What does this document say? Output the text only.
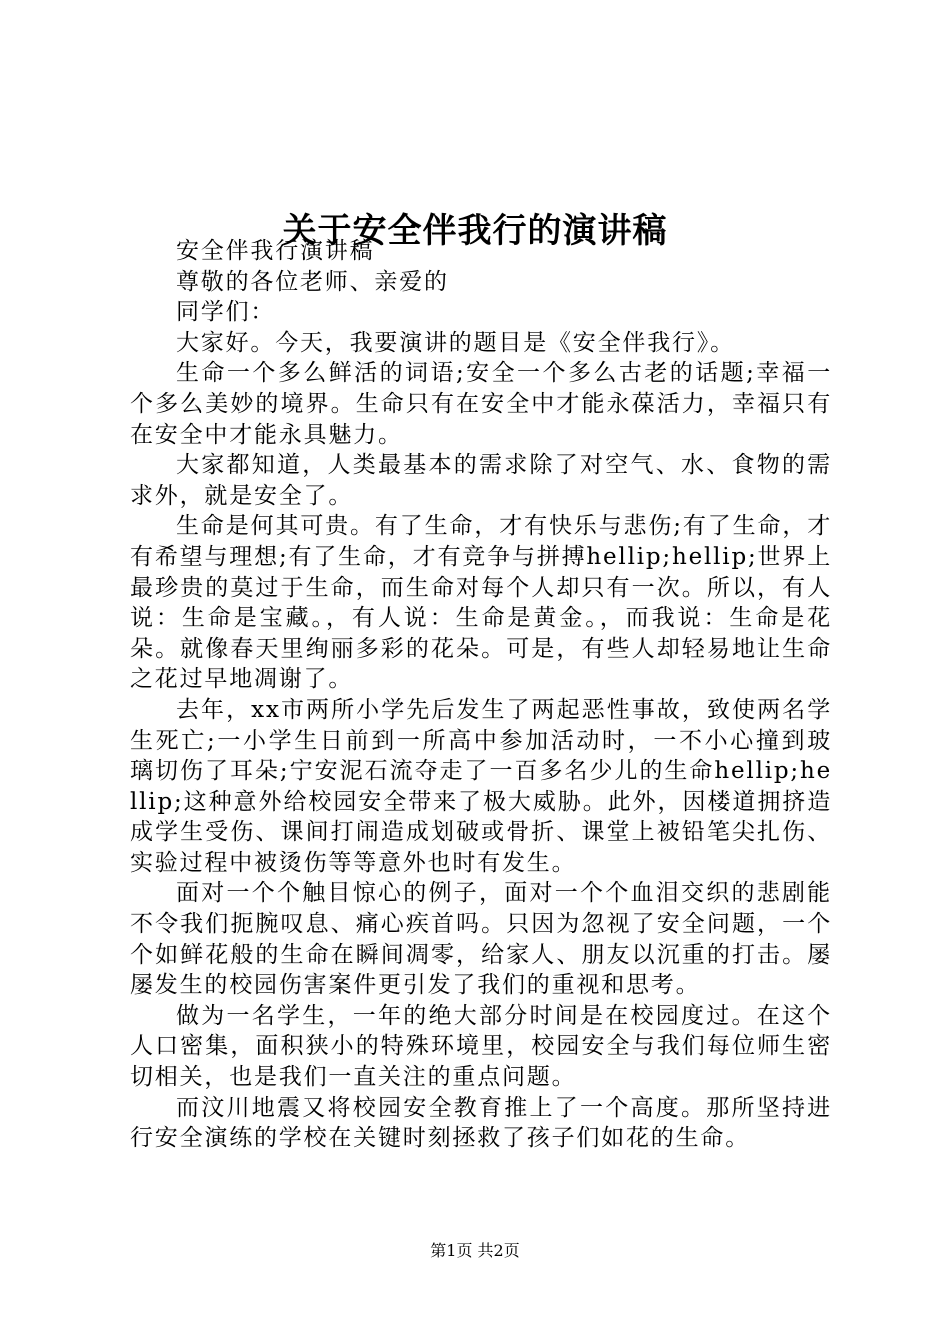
关于安全伴我行的演讲稿

安全伴我行演讲稿

尊敬的各位老师、亲爱的

同学们：

大家好。今天，我要演讲的题目是《安全伴我行》。

生命一个多么鲜活的词语;安全一个多么古老的话题;幸福一个多么美妙的境界。生命只有在安全中才能永葆活力，幸福只有在安全中才能永具魅力。

大家都知道，人类最基本的需求除了对空气、水、食物的需求外，就是安全了。

生命是何其可贵。有了生命，才有快乐与悲伤;有了生命，才有希望与理想;有了生命，才有竞争与拼搏hellip;hellip;世界上最珍贵的莫过于生命，而生命对每个人却只有一次。所以，有人说：生命是宝藏。，有人说：生命是黄金。，而我说：生命是花朵。就像春天里绚丽多彩的花朵。可是，有些人却轻易地让生命之花过早地凋谢了。

去年，xx市两所小学先后发生了两起恶性事故，致使两名学生死亡;一小学生日前到一所高中参加活动时，一不小心撞到玻璃切伤了耳朵;宁安泥石流夺走了一百多名少儿的生命hellip;hellip;这种意外给校园安全带来了极大威胁。此外，因楼道拥挤造成学生受伤、课间打闹造成划破或骨折、课堂上被铅笔尖扎伤、实验过程中被烫伤等等意外也时有发生。

面对一个个触目惊心的例子，面对一个个血泪交织的悲剧能不令我们扼腕叹息、痛心疾首吗。只因为忽视了安全问题，一个个如鲜花般的生命在瞬间凋零，给家人、朋友以沉重的打击。屡屡发生的校园伤害案件更引发了我们的重视和思考。

做为一名学生，一年的绝大部分时间是在校园度过。在这个人口密集，面积狭小的特殊环境里，校园安全与我们每位师生密切相关，也是我们一直关注的重点问题。

而汶川地震又将校园安全教育推上了一个高度。那所坚持进行安全演练的学校在关键时刻拯救了孩子们如花的生命。

第1页 共2页
